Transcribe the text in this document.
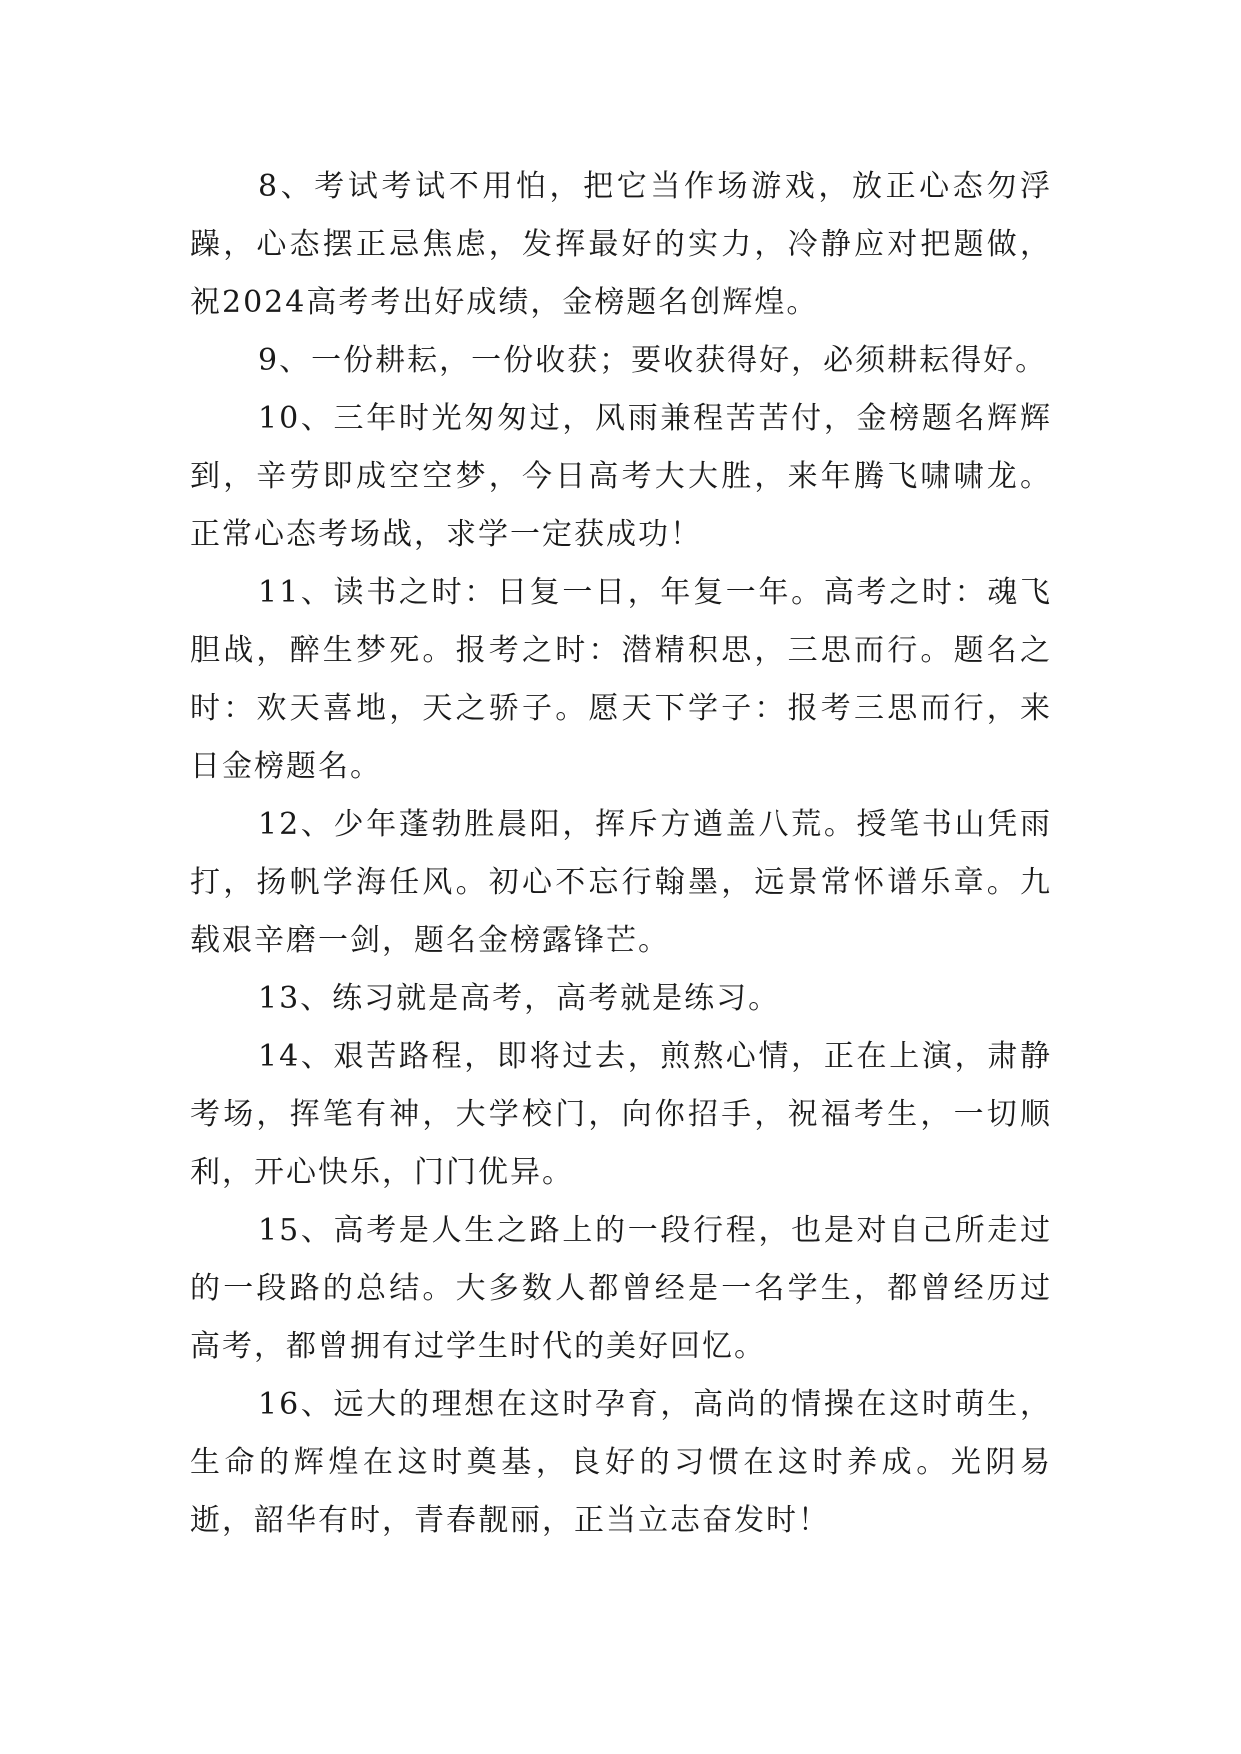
8、考试考试不用怕，把它当作场游戏，放正心态勿浮躁，心态摆正忌焦虑，发挥最好的实力，冷静应对把题做，祝2024高考考出好成绩，金榜题名创辉煌。

9、一份耕耘，一份收获；要收获得好，必须耕耘得好。

10、三年时光匆匆过，风雨兼程苦苦付，金榜题名辉辉到，辛劳即成空空梦，今日高考大大胜，来年腾飞啸啸龙。正常心态考场战，求学一定获成功！

11、读书之时：日复一日，年复一年。高考之时：魂飞胆战，醉生梦死。报考之时：潜精积思，三思而行。题名之时：欢天喜地，天之骄子。愿天下学子：报考三思而行，来日金榜题名。

12、少年蓬勃胜晨阳，挥斥方遒盖八荒。授笔书山凭雨打，扬帆学海任风。初心不忘行翰墨，远景常怀谱乐章。九载艰辛磨一剑，题名金榜露锋芒。

13、练习就是高考，高考就是练习。

14、艰苦路程，即将过去，煎熬心情，正在上演，肃静考场，挥笔有神，大学校门，向你招手，祝福考生，一切顺利，开心快乐，门门优异。

15、高考是人生之路上的一段行程，也是对自己所走过的一段路的总结。大多数人都曾经是一名学生，都曾经历过高考，都曾拥有过学生时代的美好回忆。

16、远大的理想在这时孕育，高尚的情操在这时萌生，生命的辉煌在这时奠基，良好的习惯在这时养成。光阴易逝，韶华有时，青春靓丽，正当立志奋发时！
